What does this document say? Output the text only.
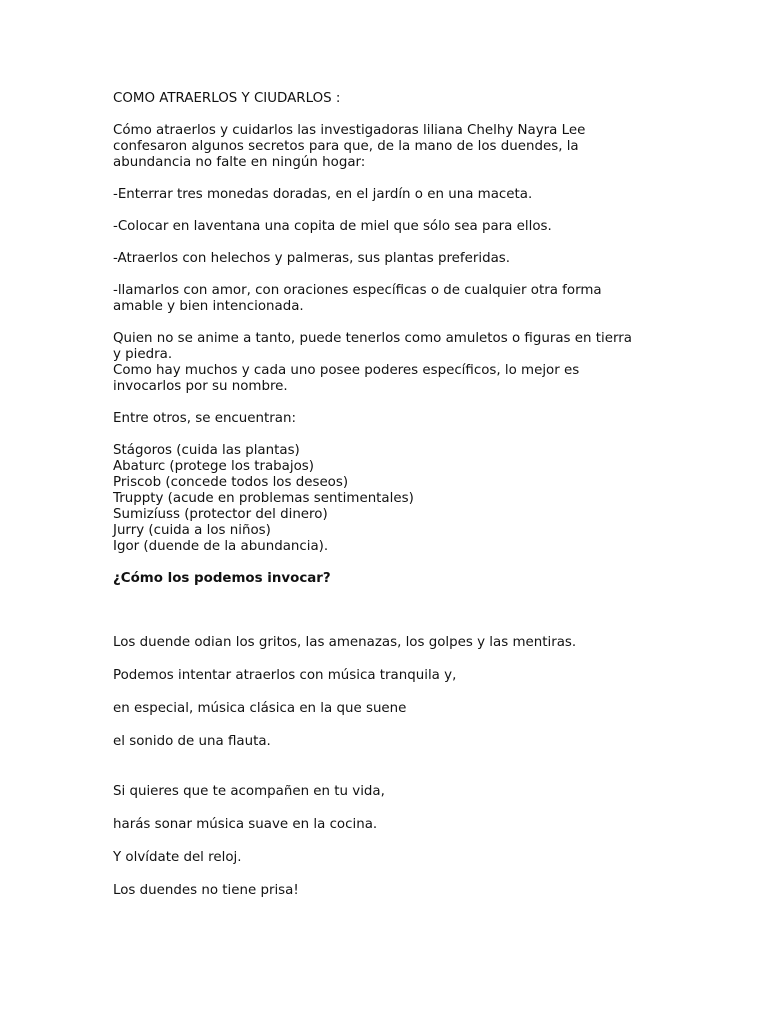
COMO ATRAERLOS Y CIUDARLOS :

Cómo atraerlos y cuidarlos las investigadoras liliana Chelhy Nayra Lee
confesaron algunos secretos para que, de la mano de los duendes, la
abundancia no falte en ningún hogar:

-Enterrar tres monedas doradas, en el jardín o en una maceta.

-Colocar en laventana una copita de miel que sólo sea para ellos.

-Atraerlos con helechos y palmeras, sus plantas preferidas.

-llamarlos con amor, con oraciones específicas o de cualquier otra forma
amable y bien intencionada.

Quien no se anime a tanto, puede tenerlos como amuletos o figuras en tierra
y piedra.
Como hay muchos y cada uno posee poderes específicos, lo mejor es
invocarlos por su nombre.

Entre otros, se encuentran:

Stágoros (cuida las plantas)
Abaturc (protege los trabajos)
Priscob (concede todos los deseos)
Truppty (acude en problemas sentimentales)
Sumizíuss (protector del dinero)
Jurry (cuida a los niños)
Igor (duende de la abundancia).

¿Cómo los podemos invocar?

Los duende odian los gritos, las amenazas, los golpes y las mentiras.

Podemos intentar atraerlos con música tranquila y,

en especial, música clásica en la que suene

el sonido de una flauta.

Si quieres que te acompañen en tu vida,

harás sonar música suave en la cocina.

Y olvídate del reloj.

Los duendes no tiene prisa!
